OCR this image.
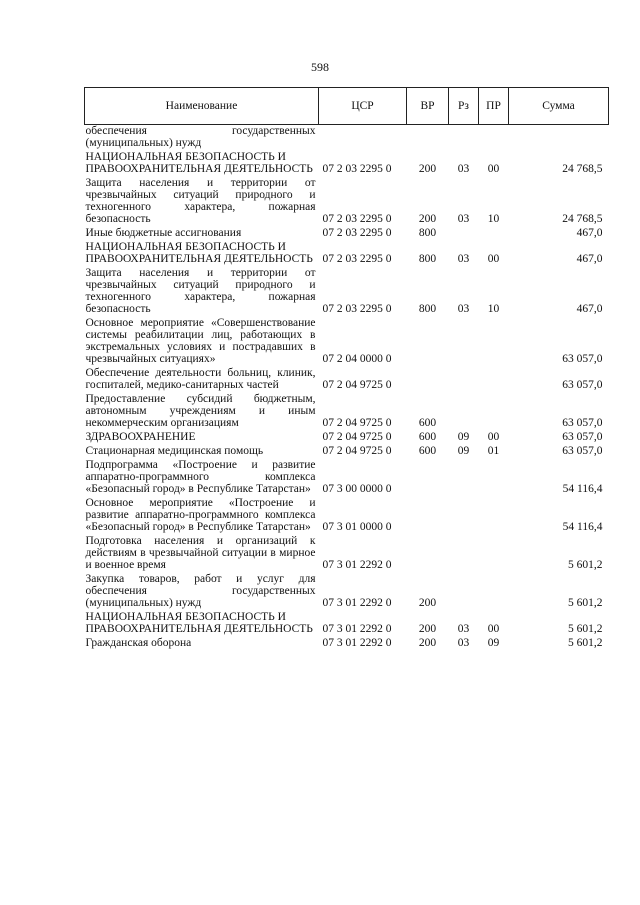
598
Наименование	ЦСР	ВР	Рз	ПР	Сумма
обеспечения государственных (муниципальных) нужд					
НАЦИОНАЛЬНАЯ БЕЗОПАСНОСТЬ И ПРАВООХРАНИТЕЛЬНАЯ ДЕЯТЕЛЬНОСТЬ	07 2 03 2295 0	200	03	00	24 768,5
Защита населения и территории от чрезвычайных ситуаций природного и техногенного характера, пожарная безопасность	07 2 03 2295 0	200	03	10	24 768,5
Иные бюджетные ассигнования	07 2 03 2295 0	800			467,0
НАЦИОНАЛЬНАЯ БЕЗОПАСНОСТЬ И ПРАВООХРАНИТЕЛЬНАЯ ДЕЯТЕЛЬНОСТЬ	07 2 03 2295 0	800	03	00	467,0
Защита населения и территории от чрезвычайных ситуаций природного и техногенного характера, пожарная безопасность	07 2 03 2295 0	800	03	10	467,0
Основное мероприятие «Совершенствование системы реабилитации лиц, работающих в экстремальных условиях и пострадавших в чрезвычайных ситуациях»	07 2 04 0000 0				63 057,0
Обеспечение деятельности больниц, клиник, госпиталей, медико-санитарных частей	07 2 04 9725 0				63 057,0
Предоставление субсидий бюджетным, автономным учреждениям и иным некоммерческим организациям	07 2 04 9725 0	600			63 057,0
ЗДРАВООХРАНЕНИЕ	07 2 04 9725 0	600	09	00	63 057,0
Стационарная медицинская помощь	07 2 04 9725 0	600	09	01	63 057,0
Подпрограмма «Построение и развитие аппаратно-программного комплекса «Безопасный город» в Республике Татарстан»	07 3 00 0000 0				54 116,4
Основное мероприятие «Построение и развитие аппаратно-программного комплекса «Безопасный город» в Республике Татарстан»	07 3 01 0000 0				54 116,4
Подготовка населения и организаций к действиям в чрезвычайной ситуации в мирное и военное время	07 3 01 2292 0				5 601,2
Закупка товаров, работ и услуг для обеспечения государственных (муниципальных) нужд	07 3 01 2292 0	200			5 601,2
НАЦИОНАЛЬНАЯ БЕЗОПАСНОСТЬ И ПРАВООХРАНИТЕЛЬНАЯ ДЕЯТЕЛЬНОСТЬ	07 3 01 2292 0	200	03	00	5 601,2
Гражданская оборона	07 3 01 2292 0	200	03	09	5 601,2
